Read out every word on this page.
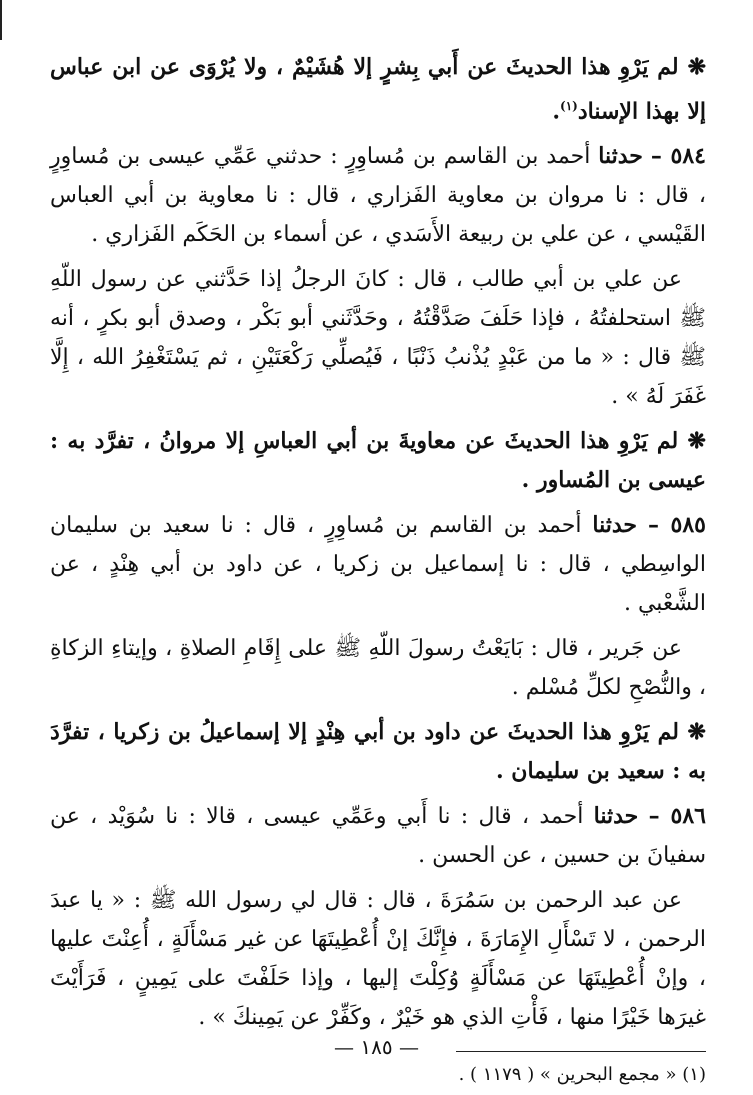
❋ لم يَرْوِ هذا الحديثَ عن أَبي بِشرٍ إلا هُشَيْمٌ ، ولا يُرْوَى عن ابن عباس إلا بهذا الإسناد$^{(١)}$.

٥٨٤ – حدثنا أحمد بن القاسم بن مُساوِرٍ : حدثني عَمِّي عيسى بن مُساوِرٍ ، قال : نا مروان بن معاوية الفَزاري ، قال : نا معاوية بن أبي العباس القَيْسي ، عن علي بن ربيعة الأَسَدي ، عن أسماء بن الحَكَم الفَزاري .

عن علي بن أبي طالب ، قال : كانَ الرجلُ إذا حَدَّثني عن رسول اللّهِ ﷺ استحلفتُهُ ، فإذا حَلَفَ صَدَّقْتُهُ ، وحَدَّثَني أبو بَكْر ، وصدق أبو بكرٍ ، أنه ﷺ قال : « ما من عَبْدٍ يُذْنبُ ذَنْبًا ، فَيُصلِّي رَكْعَتَيْنِ ، ثم يَسْتَغْفِرُ الله ، إِلَّا غَفَرَ لَهُ » .

❋ لم يَرْوِ هذا الحديثَ عن معاويةَ بن أبي العباسِ إلا مروانُ ، تفرَّد به : عيسى بن المُساور .

٥٨٥ – حدثنا أحمد بن القاسم بن مُساوِرٍ ، قال : نا سعيد بن سليمان الواسِطي ، قال : نا إسماعيل بن زكريا ، عن داود بن أبي هِنْدٍ ، عن الشَّعْبي .

عن جَرير ، قال : بَايَعْتُ رسولَ اللّهِ ﷺ على إِقَامِ الصلاةِ ، وإيتاءِ الزكاةِ ، والنُّصْحِ لكلِّ مُسْلم .

❋ لم يَرْوِ هذا الحديثَ عن داود بن أبي هِنْدٍ إلا إسماعيلُ بن زكريا ، تفرَّدَ به : سعيد بن سليمان .

٥٨٦ – حدثنا أحمد ، قال : نا أَبي وعَمِّي عيسى ، قالا : نا سُوَيْد ، عن سفيانَ بن حسين ، عن الحسن .

عن عبد الرحمن بن سَمُرَةَ ، قال : قال لي رسول الله ﷺ : « يا عبدَ الرحمن ، لا تَسْأَلِ الإِمَارَةَ ، فإِنَّكَ إنْ أُعْطِيتَهَا عن غير مَسْأَلَةٍ ، أُعِنْتَ عليها ، وإنْ أُعْطِيتَهَا عن مَسْأَلَةٍ وُكِلْتَ إليها ، وإذا حَلَفْتَ على يَمِينٍ ، فَرَأَيْتَ غيرَها خَيْرًا منها ، فَأْتِ الذي هو خَيْرٌ ، وكَفِّرْ عن يَمِينكَ » .

(١) « مجمع البحرين » ( ١١٧٩ ) .
— ١٨٥ —
